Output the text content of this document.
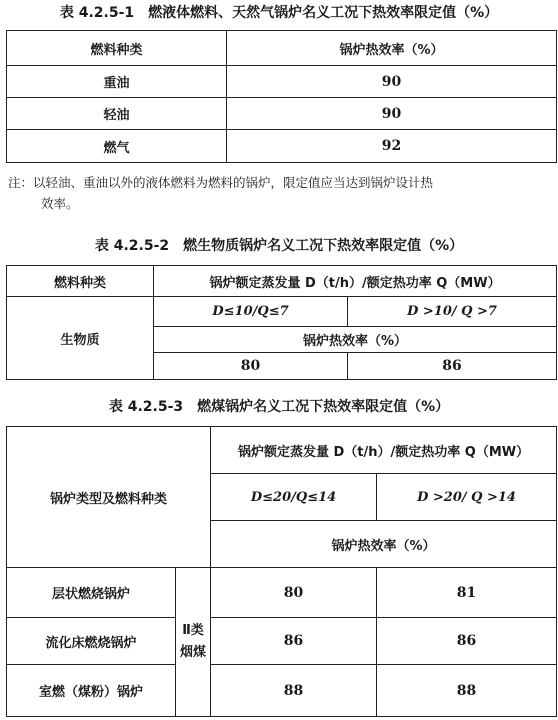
表 4.2.5-1　燃液体燃料、天然气锅炉名义工况下热效率限定值（%）
燃料种类	锅炉热效率（%）
重油	90
轻油	90
燃气	92
注：以轻油、重油以外的液体燃料为燃料的锅炉，限定值应当达到锅炉设计热
效率。
表 4.2.5-2　燃生物质锅炉名义工况下热效率限定值（%）
燃料种类	锅炉额定蒸发量 D（t/h）/额定热功率 Q（MW）	
生物质	D≤10/Q≤7	D >10/ Q >7
	锅炉热效率（%）	
	80	86
表 4.2.5-3　燃煤锅炉名义工况下热效率限定值（%）
锅炉类型及燃料种类		锅炉额定蒸发量 D（t/h）/额定热功率 Q（MW）	
		D≤20/Q≤14	D >20/ Q >14
		锅炉热效率（%）	
层状燃烧锅炉	Ⅱ类烟煤	80	81
流化床燃烧锅炉		86	86
室燃（煤粉）锅炉		88	88
